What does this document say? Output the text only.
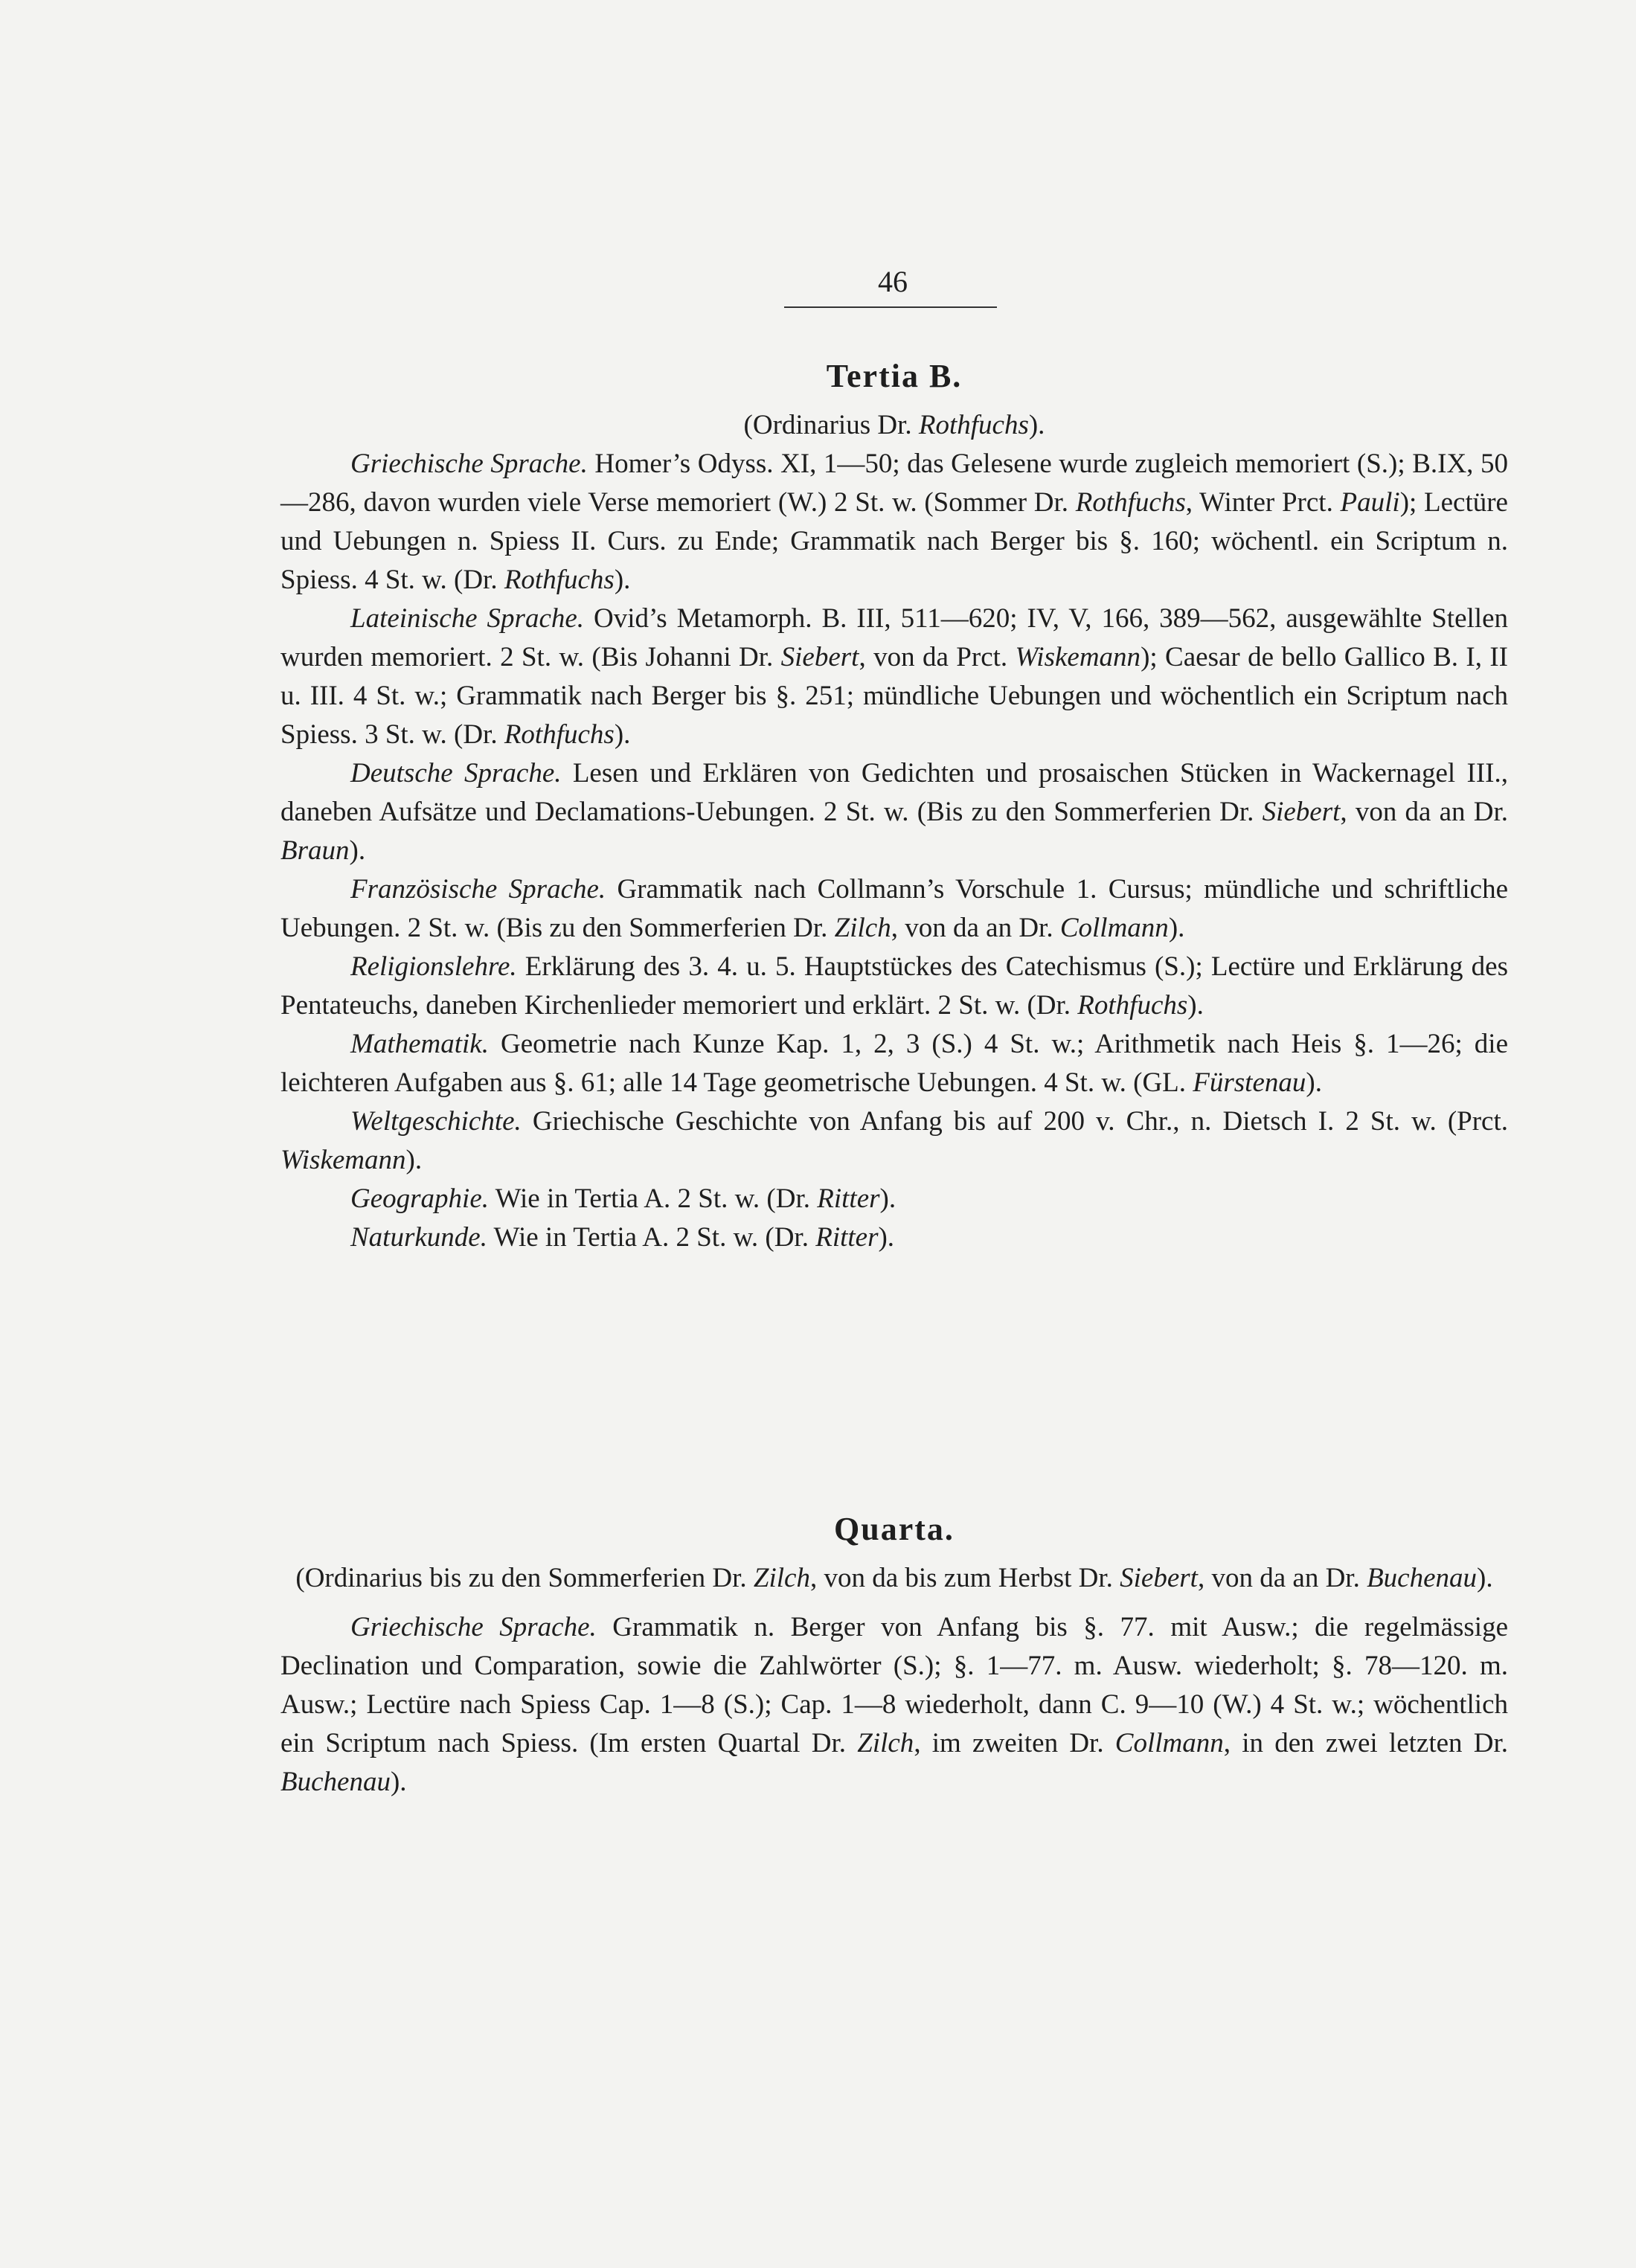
46
Tertia B.

(Ordinarius Dr. Rothfuchs).

Griechische Sprache. Homer’s Odyss. XI, 1—50; das Gelesene wurde zugleich memoriert (S.); B.IX, 50—286, davon wurden viele Verse memoriert (W.) 2 St. w. (Sommer Dr. Rothfuchs, Winter Prct. Pauli); Lectüre und Uebungen n. Spiess II. Curs. zu Ende; Grammatik nach Berger bis §. 160; wöchentl. ein Scriptum n. Spiess. 4 St. w. (Dr. Rothfuchs).

Lateinische Sprache. Ovid’s Metamorph. B. III, 511—620; IV, V, 166, 389—562, ausgewählte Stellen wurden memoriert. 2 St. w. (Bis Johanni Dr. Siebert, von da Prct. Wiskemann); Caesar de bello Gallico B. I, II u. III. 4 St. w.; Grammatik nach Berger bis §. 251; mündliche Uebungen und wöchentlich ein Scriptum nach Spiess. 3 St. w. (Dr. Rothfuchs).

Deutsche Sprache. Lesen und Erklären von Gedichten und prosaischen Stücken in Wackernagel III., daneben Aufsätze und Declamations-Uebungen. 2 St. w. (Bis zu den Sommerferien Dr. Siebert, von da an Dr. Braun).

Französische Sprache. Grammatik nach Collmann’s Vorschule 1. Cursus; mündliche und schriftliche Uebungen. 2 St. w. (Bis zu den Sommerferien Dr. Zilch, von da an Dr. Collmann).

Religionslehre. Erklärung des 3. 4. u. 5. Hauptstückes des Catechismus (S.); Lectüre und Erklärung des Pentateuchs, daneben Kirchenlieder memoriert und erklärt. 2 St. w. (Dr. Rothfuchs).

Mathematik. Geometrie nach Kunze Kap. 1, 2, 3 (S.) 4 St. w.; Arithmetik nach Heis §. 1—26; die leichteren Aufgaben aus §. 61; alle 14 Tage geometrische Uebungen. 4 St. w. (GL. Fürstenau).

Weltgeschichte. Griechische Geschichte von Anfang bis auf 200 v. Chr., n. Dietsch I. 2 St. w. (Prct. Wiskemann).

Geographie. Wie in Tertia A. 2 St. w. (Dr. Ritter).

Naturkunde. Wie in Tertia A. 2 St. w. (Dr. Ritter).

Quarta.

(Ordinarius bis zu den Sommerferien Dr. Zilch, von da bis zum Herbst Dr. Siebert, von da an Dr. Buchenau).

Griechische Sprache. Grammatik n. Berger von Anfang bis §. 77. mit Ausw.; die regelmässige Declination und Comparation, sowie die Zahlwörter (S.); §. 1—77. m. Ausw. wiederholt; §. 78—120. m. Ausw.; Lectüre nach Spiess Cap. 1—8 (S.); Cap. 1—8 wiederholt, dann C. 9—10 (W.) 4 St. w.; wöchentlich ein Scriptum nach Spiess. (Im ersten Quartal Dr. Zilch, im zweiten Dr. Collmann, in den zwei letzten Dr. Buchenau).
